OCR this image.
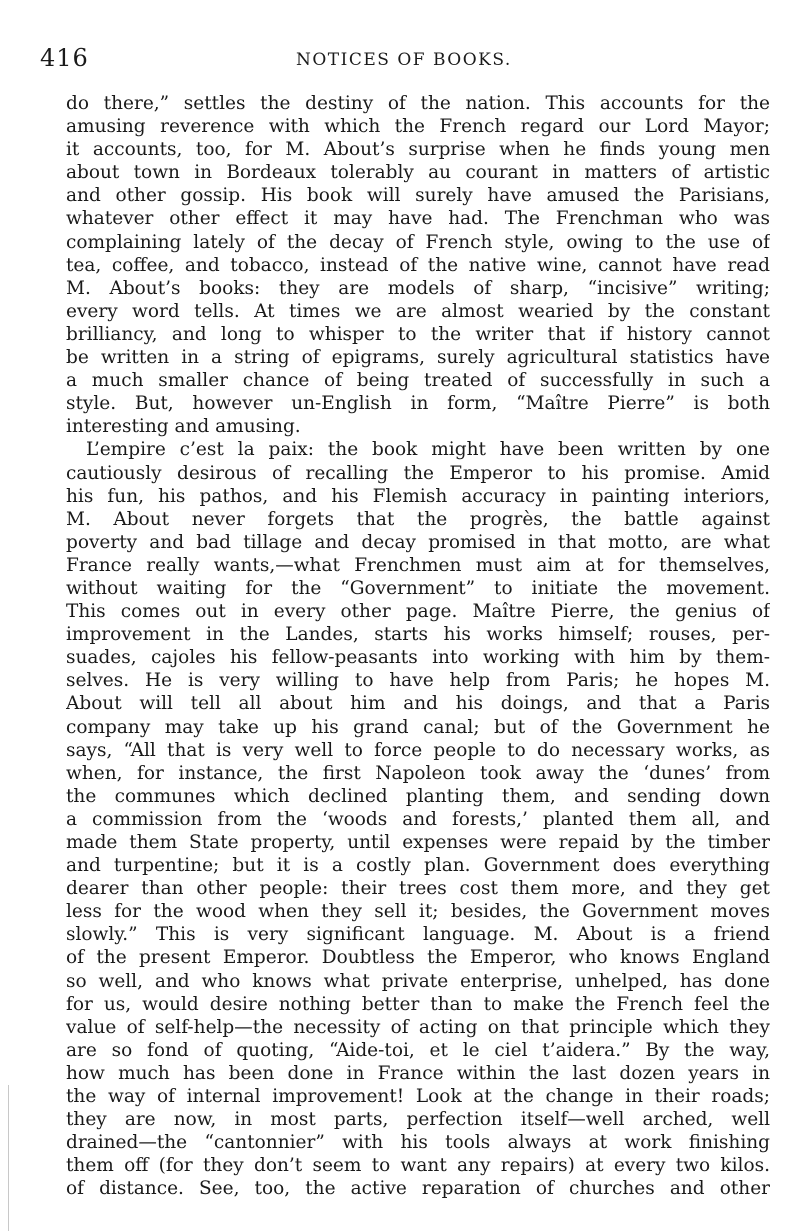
416	NOTICES OF BOOKS.
do there,” settles the destiny of the nation. This accounts for the
amusing reverence with which the French regard our Lord Mayor;
it accounts, too, for M. About’s surprise when he finds young men
about town in Bordeaux tolerably au courant in matters of artistic
and other gossip. His book will surely have amused the Parisians,
whatever other effect it may have had. The Frenchman who was
complaining lately of the decay of French style, owing to the use of
tea, coffee, and tobacco, instead of the native wine, cannot have read
M. About’s books: they are models of sharp, “incisive” writing;
every word tells. At times we are almost wearied by the constant
brilliancy, and long to whisper to the writer that if history cannot
be written in a string of epigrams, surely agricultural statistics have
a much smaller chance of being treated of successfully in such a
style. But, however un-English in form, “Maître Pierre” is both
interesting and amusing.
L’empire c’est la paix: the book might have been written by one
cautiously desirous of recalling the Emperor to his promise. Amid
his fun, his pathos, and his Flemish accuracy in painting interiors,
M. About never forgets that the progrès, the battle against
poverty and bad tillage and decay promised in that motto, are what
France really wants,—what Frenchmen must aim at for themselves,
without waiting for the “Government” to initiate the movement.
This comes out in every other page. Maître Pierre, the genius of
improvement in the Landes, starts his works himself; rouses, per-
suades, cajoles his fellow-peasants into working with him by them-
selves. He is very willing to have help from Paris; he hopes M.
About will tell all about him and his doings, and that a Paris
company may take up his grand canal; but of the Government he
says, “All that is very well to force people to do necessary works, as
when, for instance, the first Napoleon took away the ‘dunes’ from
the communes which declined planting them, and sending down
a commission from the ‘woods and forests,’ planted them all, and
made them State property, until expenses were repaid by the timber
and turpentine; but it is a costly plan. Government does everything
dearer than other people: their trees cost them more, and they get
less for the wood when they sell it; besides, the Government moves
slowly.” This is very significant language. M. About is a friend
of the present Emperor. Doubtless the Emperor, who knows England
so well, and who knows what private enterprise, unhelped, has done
for us, would desire nothing better than to make the French feel the
value of self-help—the necessity of acting on that principle which they
are so fond of quoting, “Aide-toi, et le ciel t’aidera.” By the way,
how much has been done in France within the last dozen years in
the way of internal improvement! Look at the change in their roads;
they are now, in most parts, perfection itself—well arched, well
drained—the “cantonnier” with his tools always at work finishing
them off (for they don’t seem to want any repairs) at every two kilos.
of distance. See, too, the active reparation of churches and other
